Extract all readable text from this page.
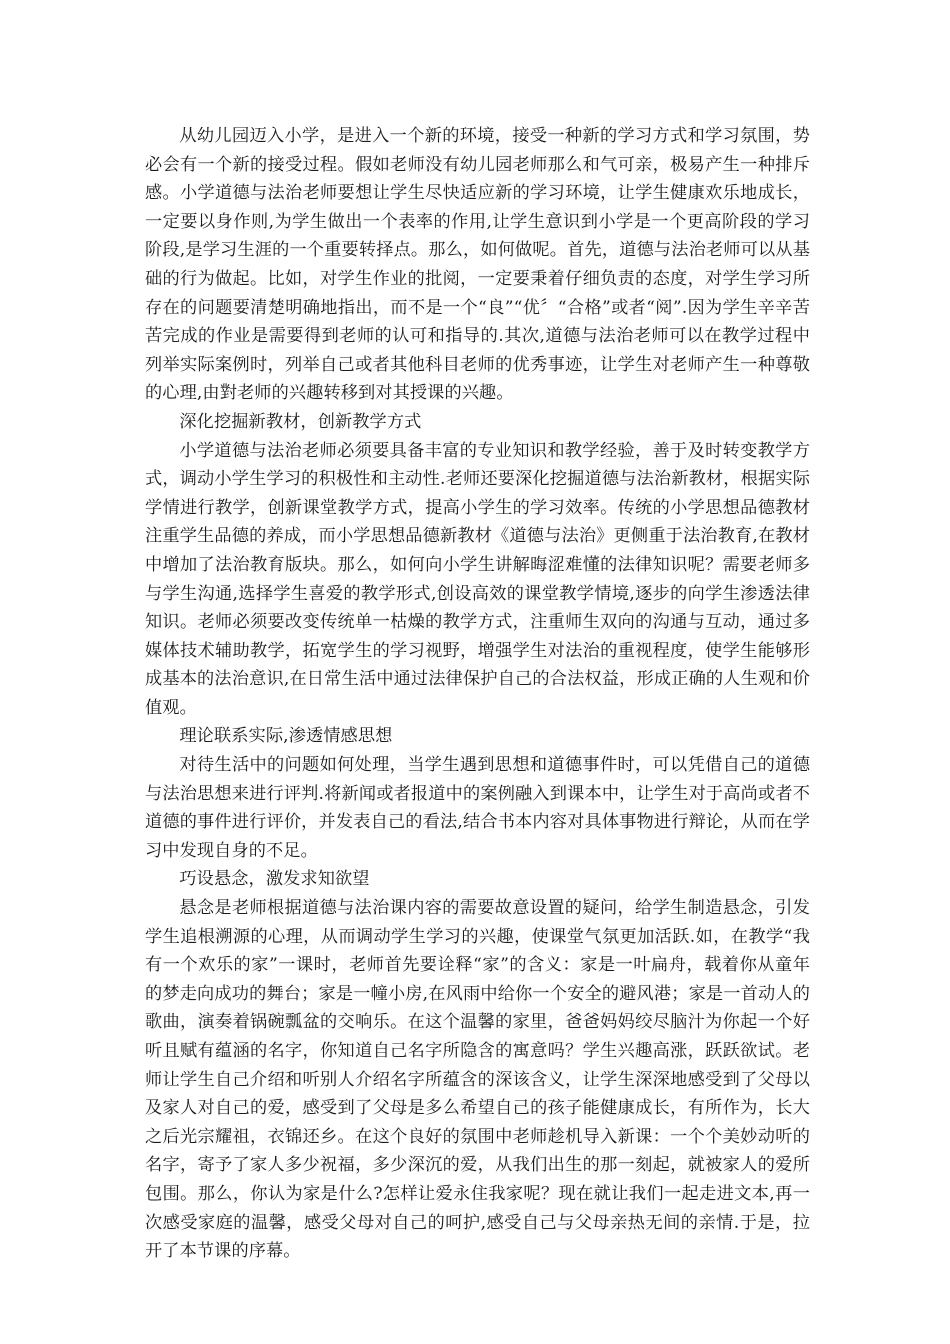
从幼儿园迈入小学，是进入一个新的环境，接受一种新的学习方式和学习氛围，势必会有一个新的接受过程。假如老师没有幼儿园老师那么和气可亲，极易产生一种排斥感。小学道德与法治老师要想让学生尽快适应新的学习环境，让学生健康欢乐地成长，一定要以身作则,为学生做出一个表率的作用,让学生意识到小学是一个更高阶段的学习阶段,是学习生涯的一个重要转择点。那么，如何做呢。首先，道德与法治老师可以从基础的行为做起。比如，对学生作业的批阅，一定要秉着仔细负责的态度，对学生学习所存在的问题要清楚明确地指出，而不是一个“良”“优〞“合格”或者“阅”.因为学生辛辛苦苦完成的作业是需要得到老师的认可和指导的.其次,道德与法治老师可以在教学过程中列举实际案例时，列举自己或者其他科目老师的优秀事迹，让学生对老师产生一种尊敬的心理,由對老师的兴趣转移到对其授课的兴趣。

深化挖掘新教材，创新教学方式

小学道德与法治老师必须要具备丰富的专业知识和教学经验，善于及时转变教学方式，调动小学生学习的积极性和主动性.老师还要深化挖掘道德与法治新教材，根据实际学情进行教学，创新课堂教学方式，提高小学生的学习效率。传统的小学思想品德教材注重学生品德的养成，而小学思想品德新教材《道德与法治》更侧重于法治教育,在教材中增加了法治教育版块。那么，如何向小学生讲解晦涩难懂的法律知识呢？需要老师多与学生沟通,选择学生喜爱的教学形式,创设高效的课堂教学情境,逐步的向学生渗透法律知识。老师必须要改变传统单一枯燥的教学方式，注重师生双向的沟通与互动，通过多媒体技术辅助教学，拓宽学生的学习视野，增强学生对法治的重视程度，使学生能够形成基本的法治意识,在日常生活中通过法律保护自己的合法权益，形成正确的人生观和价值观。

理论联系实际,渗透情感思想

对待生活中的问题如何处理，当学生遇到思想和道德事件时，可以凭借自己的道德与法治思想来进行评判.将新闻或者报道中的案例融入到课本中，让学生对于高尚或者不道德的事件进行评价，并发表自己的看法,结合书本内容对具体事物进行辩论，从而在学习中发现自身的不足。

巧设悬念，激发求知欲望

悬念是老师根据道德与法治课内容的需要故意设置的疑问，给学生制造悬念，引发学生追根溯源的心理，从而调动学生学习的兴趣，使课堂气氛更加活跃.如，在教学“我有一个欢乐的家”一课时，老师首先要诠释“家”的含义：家是一叶扁舟，载着你从童年的梦走向成功的舞台；家是一幢小房,在风雨中给你一个安全的避风港；家是一首动人的歌曲，演奏着锅碗瓢盆的交响乐。在这个温馨的家里，爸爸妈妈绞尽脑汁为你起一个好听且赋有蕴涵的名字，你知道自己名字所隐含的寓意吗？学生兴趣高涨，跃跃欲试。老师让学生自己介绍和听别人介绍名字所蕴含的深该含义，让学生深深地感受到了父母以及家人对自己的爱，感受到了父母是多么希望自己的孩子能健康成长，有所作为，长大之后光宗耀祖，衣锦还乡。在这个良好的氛围中老师趁机导入新课：一个个美妙动听的名字，寄予了家人多少祝福，多少深沉的爱，从我们出生的那一刻起，就被家人的爱所包围。那么，你认为家是什么?怎样让爱永住我家呢？现在就让我们一起走进文本,再一次感受家庭的温馨，感受父母对自己的呵护,感受自己与父母亲热无间的亲情.于是，拉开了本节课的序幕。
